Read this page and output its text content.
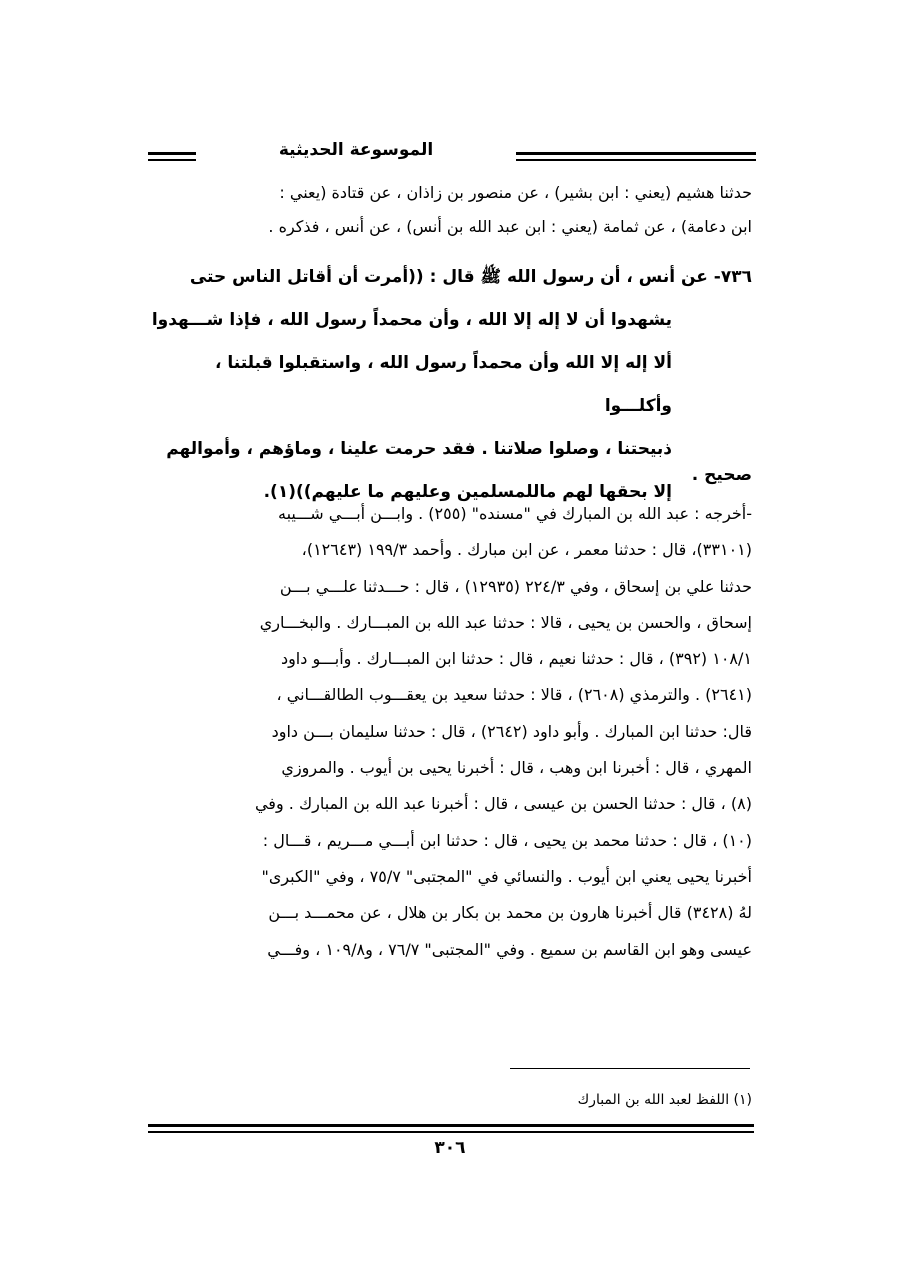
الموسوعة الحديثية
حدثنا هشيم (يعني : ابن بشير) ، عن منصور بن زاذان ، عن قتادة (يعني :
ابن دعامة) ، عن ثمامة (يعني : ابن عبد الله بن أنس) ، عن أنس ، فذكره .
٧٣٦- عن أنس ، أن رسول الله ﷺ قال : ((أمرت أن أقاتل الناس حتى
يشهدوا أن لا إله إلا الله ، وأن محمداً رسول الله ، فإذا شـــهدوا
ألا إله إلا الله وأن محمداً رسول الله ، واستقبلوا قبلتنا ، وأكلـــوا
ذبيحتنا ، وصلوا صلاتنا . فقد حرمت علينا ، وماؤهم ، وأموالهم
إلا بحقها لهم ماللمسلمين وعليهم ما عليهم))(١).
صحيح .

-أخرجه : عبد الله بن المبارك في "مسنده" (٢٥٥) . وابـــن أبـــي شـــيبه

(٣٣١٠١)، قال : حدثنا معمر ، عن ابن مبارك . وأحمد ١٩٩/٣ (١٢٦٤٣)،

حدثنا علي بن إسحاق ، وفي ٢٢٤/٣ (١٢٩٣٥) ، قال : حـــدثنا علـــي بـــن

إسحاق ، والحسن بن يحيى ، قالا : حدثنا عبد الله بن المبـــارك . والبخـــاري

١٠٨/١ (٣٩٢) ، قال : حدثنا نعيم ، قال : حدثنا ابن المبـــارك . وأبـــو داود

(٢٦٤١) . والترمذي (٢٦٠٨) ، قالا : حدثنا سعيد بن يعقـــوب الطالقـــاني ،

قال: حدثنا ابن المبارك . وأبو داود (٢٦٤٢) ، قال : حدثنا سليمان بـــن داود

المهري ، قال : أخبرنا ابن وهب ، قال : أخبرنا يحيى بن أيوب . والمروزي

(٨) ، قال : حدثنا الحسن بن عيسى ، قال : أخبرنا عبد الله بن المبارك . وفي

(١٠) ، قال : حدثنا محمد بن يحيى ، قال : حدثنا ابن أبـــي مـــريم ، قـــال :

أخبرنا يحيى يعني ابن أيوب . والنسائي في "المجتبى" ٧٥/٧ ، وفي "الكبرى"

لهُ (٣٤٢٨) قال أخبرنا هارون بن محمد بن بكار بن هلال ، عن محمـــد بـــن

عيسى وهو ابن القاسم بن سميع . وفي "المجتبى" ٧٦/٧ ، و١٠٩/٨ ، وفـــي

(١) اللفظ لعبد الله بن المبارك
٣٠٦
